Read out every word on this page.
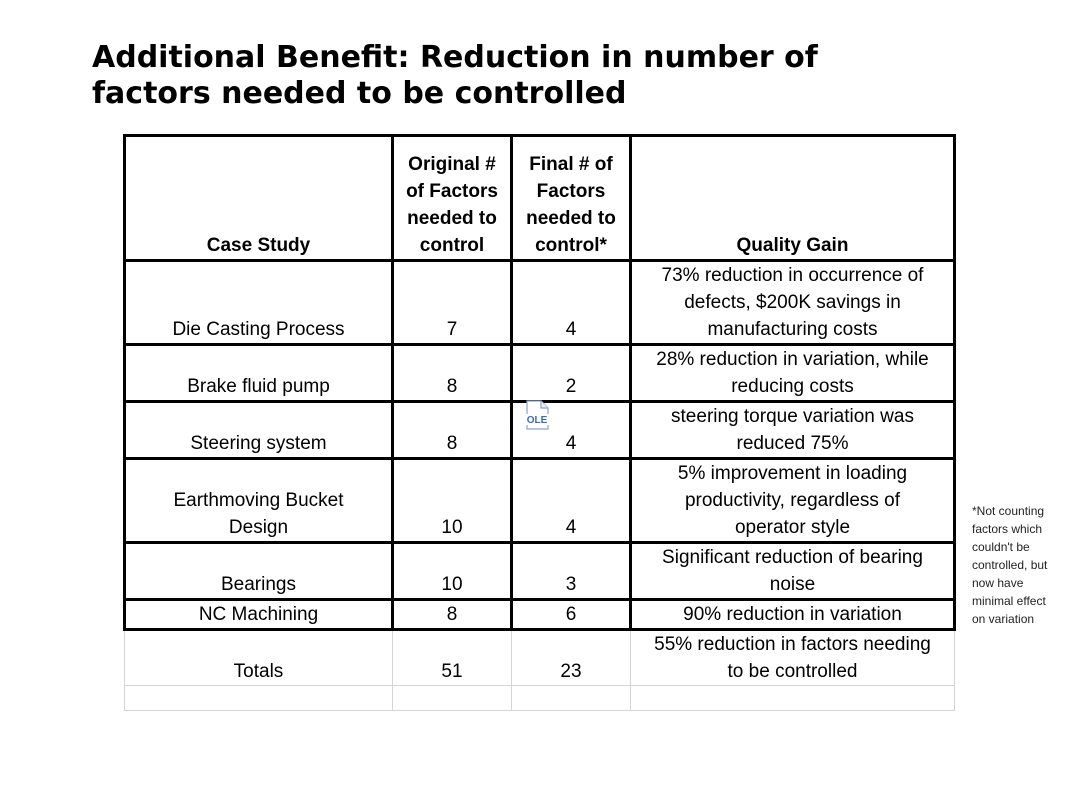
Additional Benefit: Reduction in number of
factors needed to be controlled
Case Study	Original #
of Factors
needed to
control	Final # of
Factors
needed to
control*	Quality Gain
Die Casting Process	7	4	73% reduction in occurrence of
defects, $200K savings in
manufacturing costs
Brake fluid pump	8	2	28% reduction in variation, while
reducing costs
Steering system	8	4	steering torque variation was
reduced 75%
Earthmoving Bucket
Design	10	4	5% improvement in loading
productivity, regardless of
operator style
Bearings	10	3	Significant reduction of bearing
noise
NC Machining	8	6	90% reduction in variation
Totals	51	23	55% reduction in factors needing
to be controlled

OLE
*Not counting factors which couldn't be controlled, but now have minimal effect on variation
